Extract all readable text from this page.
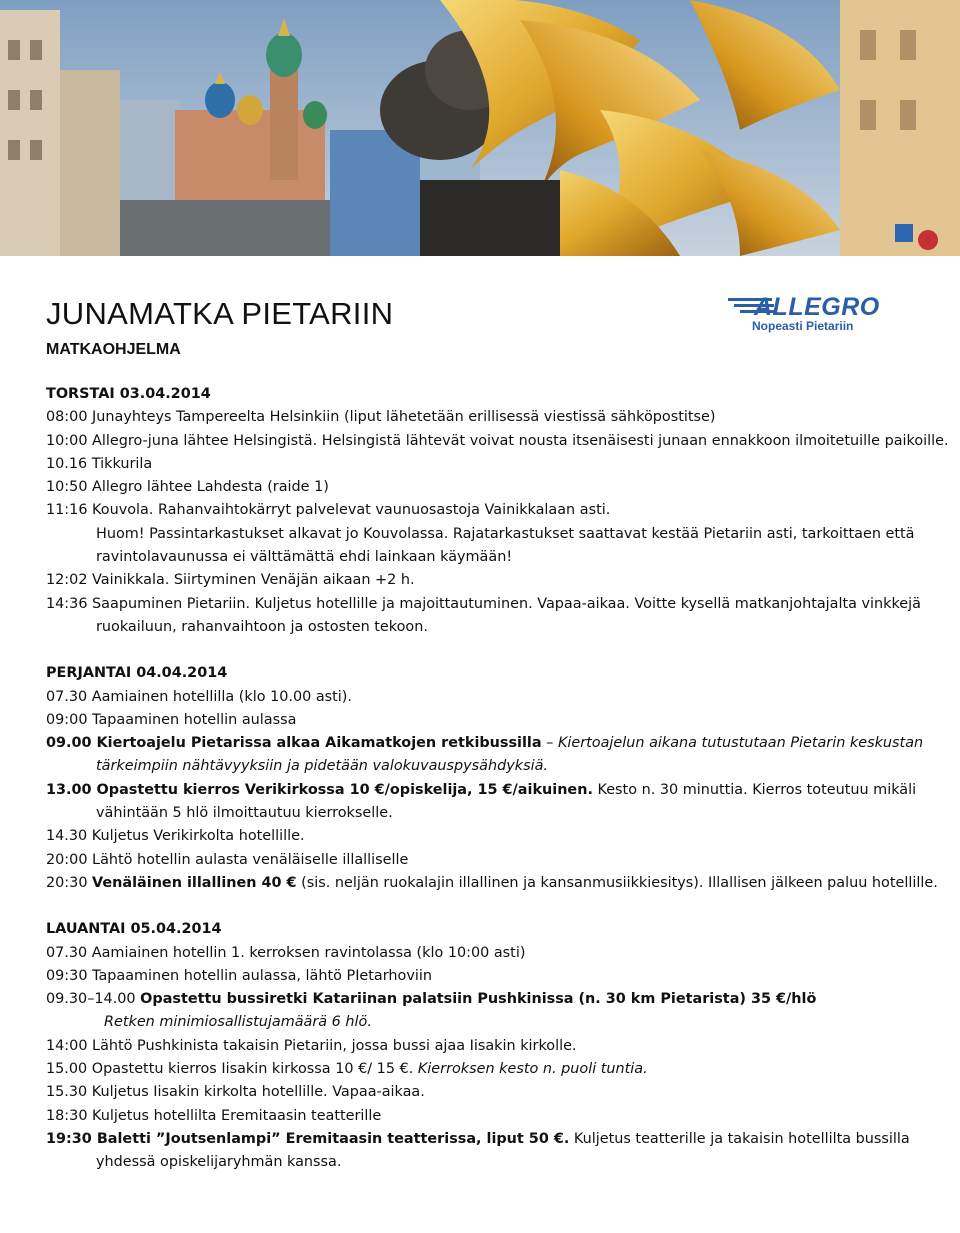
JUNAMATKA PIETARIIN
MATKAOHJELMA
ALLEGRO
Nopeasti Pietariin
TORSTAI 03.04.2014
08:00 Junayhteys Tampereelta Helsinkiin (liput lähetetään erillisessä viestissä sähköpostitse)
10:00 Allegro-juna lähtee Helsingistä. Helsingistä lähtevät voivat nousta itsenäisesti junaan ennakkoon ilmoitetuille paikoille.
10.16 Tikkurila
10:50 Allegro lähtee Lahdesta (raide 1)
11:16 Kouvola. Rahanvaihtokärryt palvelevat vaunuosastoja Vainikkalaan asti.
Huom! Passintarkastukset alkavat jo Kouvolassa. Rajatarkastukset saattavat kestää Pietariin asti, tarkoittaen että ravintolavaunussa ei välttämättä ehdi lainkaan käymään!
12:02 Vainikkala. Siirtyminen Venäjän aikaan +2 h.
14:36 Saapuminen Pietariin. Kuljetus hotellille ja majoittautuminen. Vapaa-aikaa. Voitte kysellä matkanjohtajalta vinkkejä ruokailuun, rahanvaihtoon ja ostosten tekoon.
PERJANTAI 04.04.2014
07.30 Aamiainen hotellilla (klo 10.00 asti).
09:00 Tapaaminen hotellin aulassa
09.00 Kiertoajelu Pietarissa alkaa Aikamatkojen retkibussilla – Kiertoajelun aikana tutustutaan Pietarin keskustan tärkeimpiin nähtävyyksiin ja pidetään valokuvauspysähdyksiä.
13.00 Opastettu kierros Verikirkossa 10 €/opiskelija, 15 €/aikuinen. Kesto n. 30 minuttia. Kierros toteutuu mikäli vähintään 5 hlö ilmoittautuu kierrokselle.
14.30 Kuljetus Verikirkolta hotellille.
20:00 Lähtö hotellin aulasta venäläiselle illalliselle
20:30 Venäläinen illallinen 40 € (sis. neljän ruokalajin illallinen ja kansanmusiikkiesitys). Illallisen jälkeen paluu hotellille.
LAUANTAI 05.04.2014
07.30 Aamiainen hotellin 1. kerroksen ravintolassa (klo 10:00 asti)
09:30 Tapaaminen hotellin aulassa, lähtö PIetarhoviin
09.30–14.00 Opastettu bussiretki Katariinan palatsiin Pushkinissa (n. 30 km Pietarista) 35 €/hlö
Retken minimiosallistujamäärä 6 hlö.
14:00 Lähtö Pushkinista takaisin Pietariin, jossa bussi ajaa Iisakin kirkolle.
15.00 Opastettu kierros Iisakin kirkossa 10 €/ 15 €. Kierroksen kesto n. puoli tuntia.
15.30 Kuljetus Iisakin kirkolta hotellille. Vapaa-aikaa.
18:30 Kuljetus hotellilta Eremitaasin teatterille
19:30 Baletti ”Joutsenlampi” Eremitaasin teatterissa, liput 50 €. Kuljetus teatterille ja takaisin hotellilta bussilla yhdessä opiskelijaryhmän kanssa.
